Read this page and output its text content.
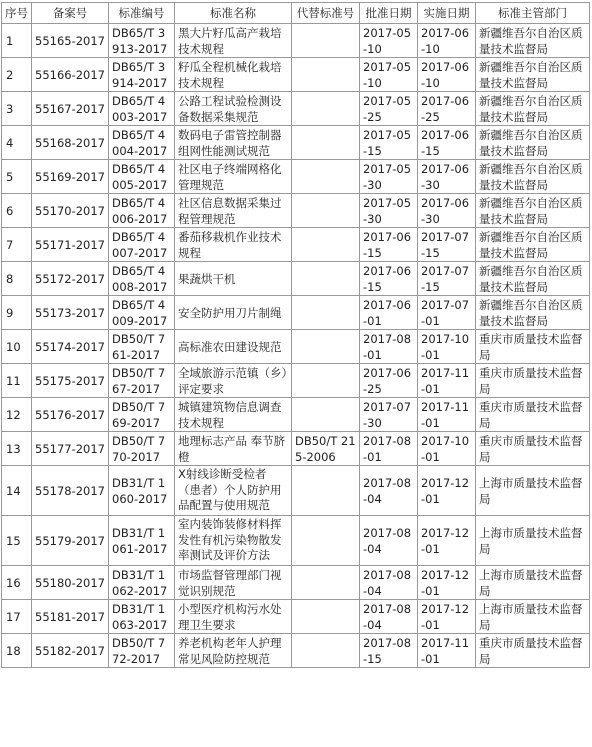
序号	备案号	标准编号	标准名称	代替标准号	批准日期	实施日期	标准主管部门
1	55165-2017	DB65/T 3913-2017	黑大片籽瓜高产栽培技术规程		2017-05-10	2017-06-10	新疆维吾尔自治区质量技术监督局
2	55166-2017	DB65/T 3914-2017	籽瓜全程机械化栽培技术规程		2017-05-10	2017-06-10	新疆维吾尔自治区质量技术监督局
3	55167-2017	DB65/T 4003-2017	公路工程试验检测设备数据采集规范		2017-05-25	2017-06-25	新疆维吾尔自治区质量技术监督局
4	55168-2017	DB65/T 4004-2017	数码电子雷管控制器组网性能测试规范		2017-05-15	2017-06-15	新疆维吾尔自治区质量技术监督局
5	55169-2017	DB65/T 4005-2017	社区电子终端网格化管理规范		2017-05-30	2017-06-30	新疆维吾尔自治区质量技术监督局
6	55170-2017	DB65/T 4006-2017	社区信息数据采集过程管理规范		2017-05-30	2017-06-30	新疆维吾尔自治区质量技术监督局
7	55171-2017	DB65/T 4007-2017	番茄移栽机作业技术规程		2017-06-15	2017-07-15	新疆维吾尔自治区质量技术监督局
8	55172-2017	DB65/T 4008-2017	果蔬烘干机		2017-06-15	2017-07-15	新疆维吾尔自治区质量技术监督局
9	55173-2017	DB65/T 4009-2017	安全防护用刀片制绳		2017-06-01	2017-07-01	新疆维吾尔自治区质量技术监督局
10	55174-2017	DB50/T 761-2017	高标准农田建设规范		2017-08-01	2017-10-01	重庆市质量技术监督局
11	55175-2017	DB50/T 767-2017	全域旅游示范镇（乡）评定要求		2017-06-25	2017-11-01	重庆市质量技术监督局
12	55176-2017	DB50/T 769-2017	城镇建筑物信息调查技术规程		2017-07-30	2017-11-01	重庆市质量技术监督局
13	55177-2017	DB50/T 770-2017	地理标志产品 奉节脐橙	DB50/T 215-2006	2017-08-01	2017-10-01	重庆市质量技术监督局
14	55178-2017	DB31/T 1060-2017	X射线诊断受检者（患者）个人防护用品配置与使用规范		2017-08-04	2017-12-01	上海市质量技术监督局
15	55179-2017	DB31/T 1061-2017	室内装饰装修材料挥发性有机污染物散发率测试及评价方法		2017-08-04	2017-12-01	上海市质量技术监督局
16	55180-2017	DB31/T 1062-2017	市场监督管理部门视觉识别规范		2017-08-04	2017-12-01	上海市质量技术监督局
17	55181-2017	DB31/T 1063-2017	小型医疗机构污水处理卫生要求		2017-08-04	2017-12-01	上海市质量技术监督局
18	55182-2017	DB50/T 772-2017	养老机构老年人护理常见风险防控规范		2017-08-15	2017-11-01	重庆市质量技术监督局
